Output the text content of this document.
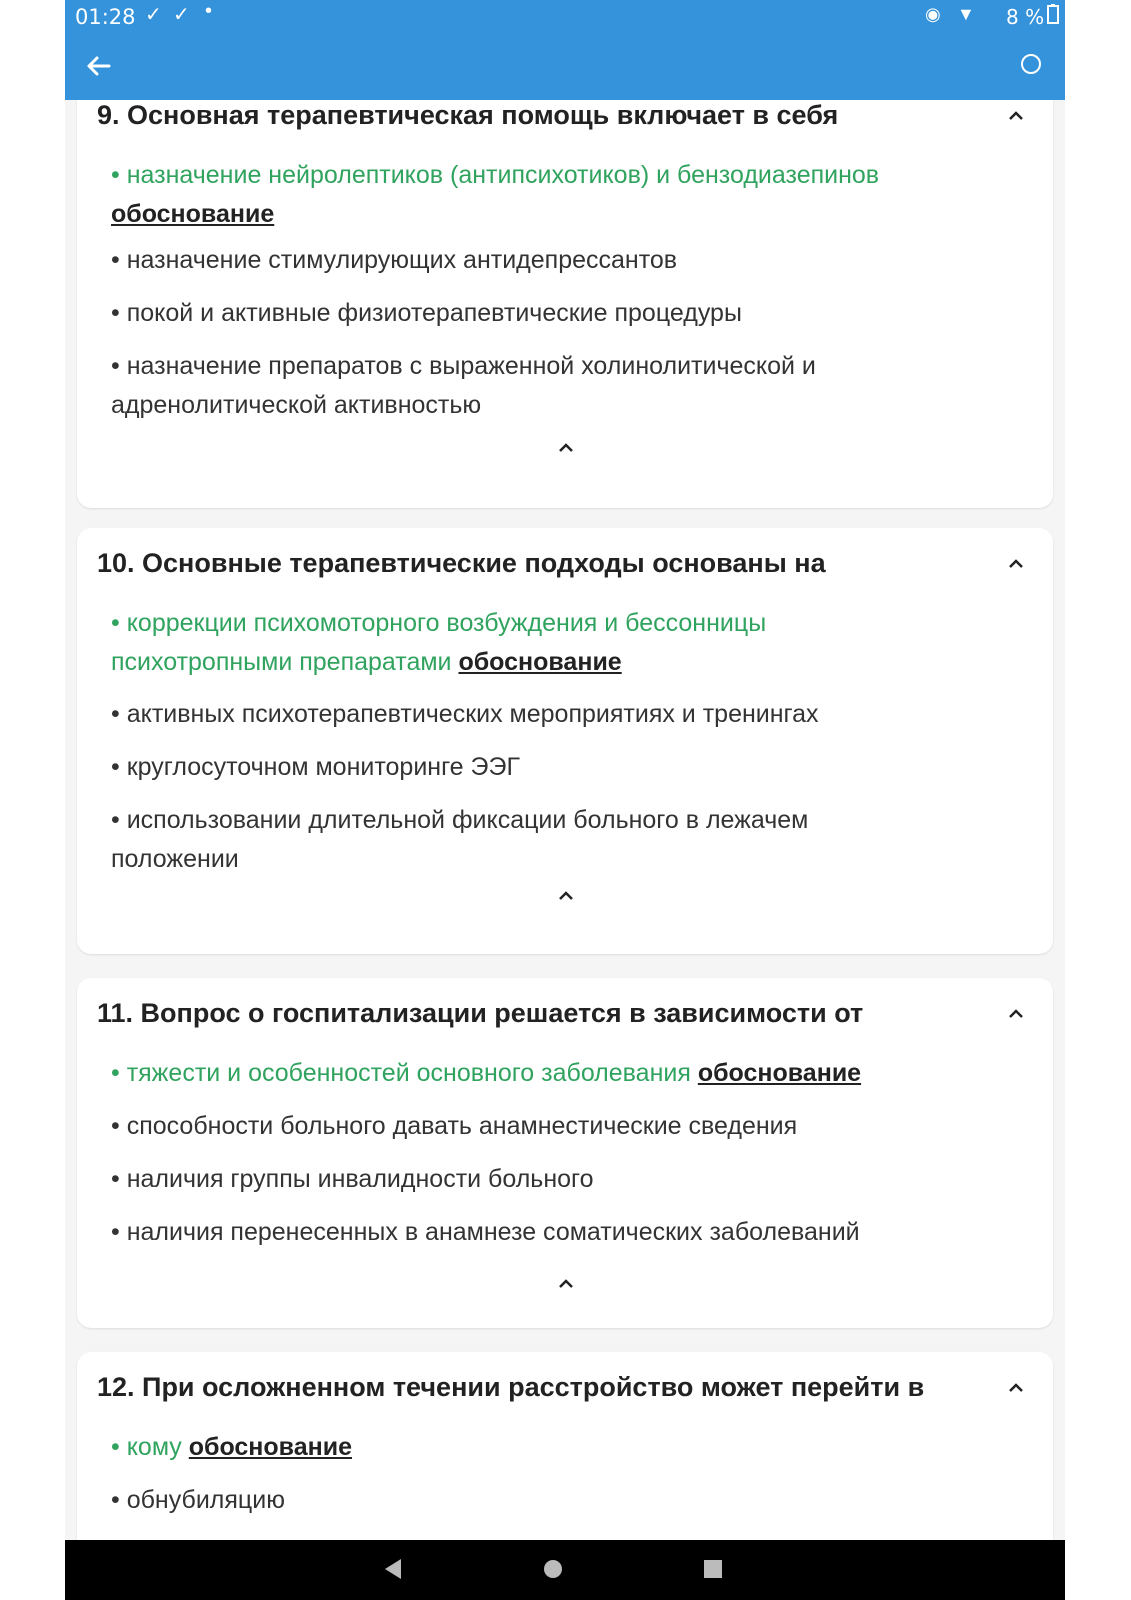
01:28 ✓ ✓ •	◉ ▼ 8 %
9. Основная терапевтическая помощь включает в себя
• назначение нейролептиков (антипсихотиков) и бензодиазепинов
обоснование
• назначение стимулирующих антидепрессантов
• покой и активные физиотерапевтические процедуры
• назначение препаратов с выраженной холинолитической и адренолитической активностью
10. Основные терапевтические подходы основаны на
• коррекции психомоторного возбуждения и бессонницы психотропными препаратами обоснование
• активных психотерапевтических мероприятиях и тренингах
• круглосуточном мониторинге ЭЭГ
• использовании длительной фиксации больного в лежачем положении
11. Вопрос о госпитализации решается в зависимости от
• тяжести и особенностей основного заболевания обоснование
• способности больного давать анамнестические сведения
• наличия группы инвалидности больного
• наличия перенесенных в анамнезе соматических заболеваний
12. При осложненном течении расстройство может перейти в
• кому обоснование
• обнубиляцию
